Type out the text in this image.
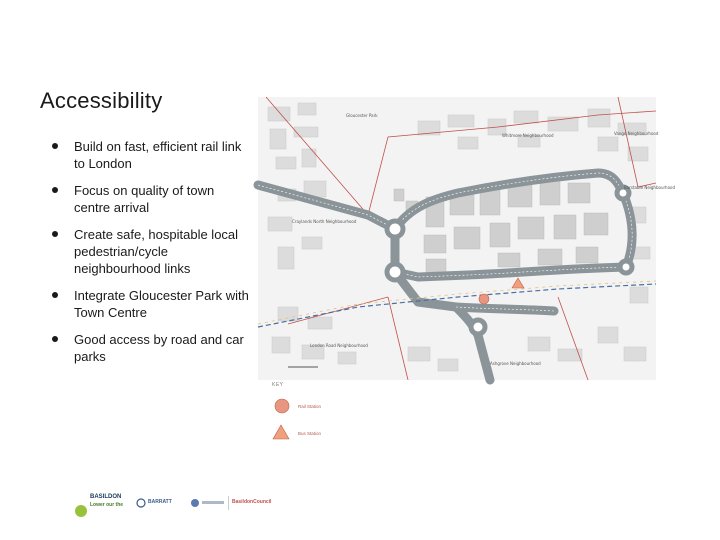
Accessibility
Build on fast, efficient rail link to London
Focus on quality of town centre arrival
Create safe, hospitable local pedestrian/cycle neighbourhood links
Integrate Gloucester Park with Town Centre
Good access by road and car parks
Gloucester Park
Whitmore Neighbourhood
Craylands North Neighbourhood
Barstable Neighbourhood
London Road Neighbourhood
Ashgrove Neighbourhood
Vange Neighbourhood
KEY
Rail Station
Bus Station
BASILDON
Lower our the	BARRATT	BasildonCouncil
